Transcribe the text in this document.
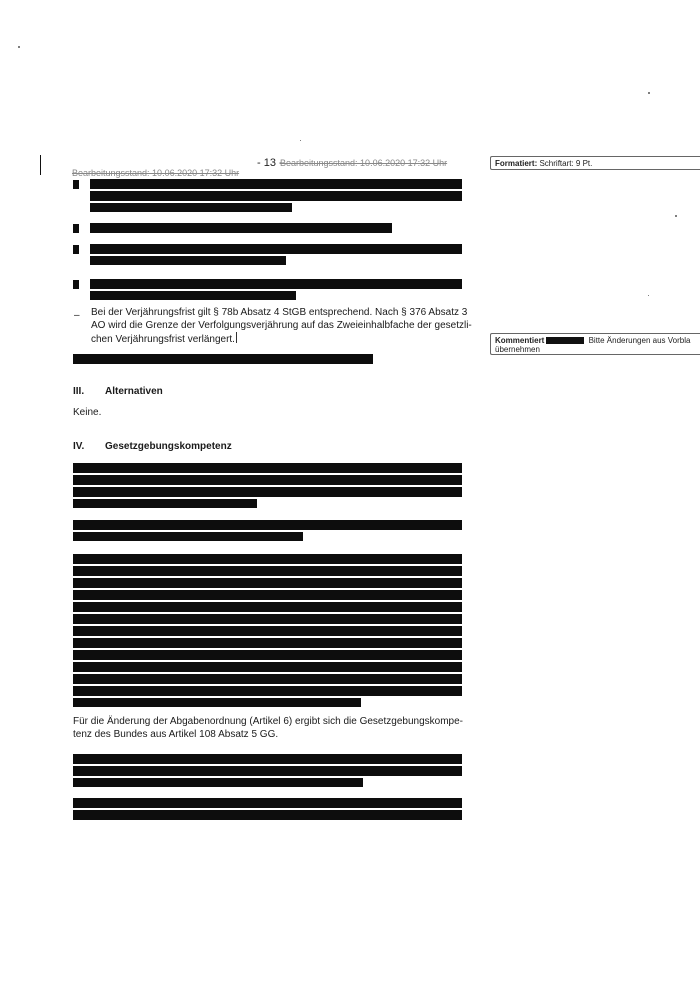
- 13 -
Bearbeitungsstand: 10.06.2020 17:32 Uhr
Bearbeitungsstand: 10.06.2020 17:32 Uhr
– Bei der Verjährungsfrist gilt § 78b Absatz 4 StGB entsprechend. Nach § 376 Absatz 3
AO wird die Grenze der Verfolgungsverjährung auf das Zweieinhalbfache der gesetzli-
chen Verjährungsfrist verlängert.
III. Alternativen
Keine.
IV. Gesetzgebungskompetenz
Für die Änderung der Abgabenordnung (Artikel 6) ergibt sich die Gesetzgebungskompe-
tenz des Bundes aus Artikel 108 Absatz 5 GG.
Formatiert: Schriftart: 9 Pt.
Kommentiert	Bitte Änderungen aus Vorbla
übernehmen
